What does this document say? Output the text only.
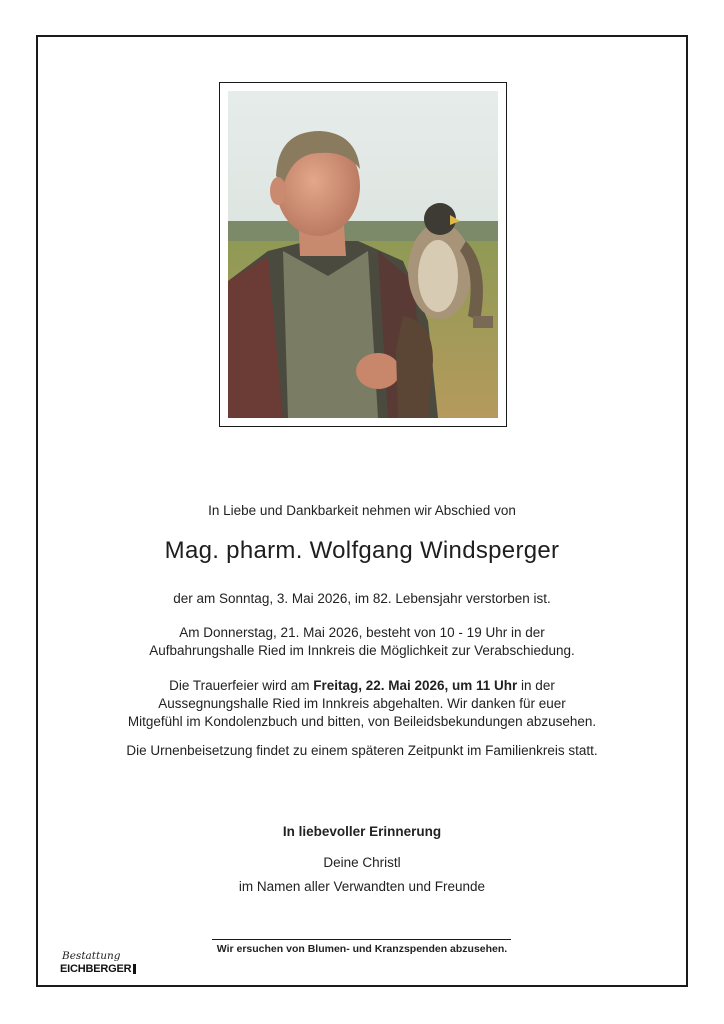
In Liebe und Dankbarkeit nehmen wir Abschied von
Mag. pharm. Wolfgang Windsperger
der am Sonntag, 3. Mai 2026, im 82. Lebensjahr verstorben ist.
Am Donnerstag, 21. Mai 2026, besteht von 10 - 19 Uhr in der
Aufbahrungshalle Ried im Innkreis die Möglichkeit zur Verabschiedung.
Die Trauerfeier wird am Freitag, 22. Mai 2026, um 11 Uhr in der
Aussegnungshalle Ried im Innkreis abgehalten. Wir danken für euer
Mitgefühl im Kondolenzbuch und bitten, von Beileidsbekundungen abzusehen.
Die Urnenbeisetzung findet zu einem späteren Zeitpunkt im Familienkreis statt.
In liebevoller Erinnerung
Deine Christl
im Namen aller Verwandten und Freunde
Wir ersuchen von Blumen- und Kranzspenden abzusehen.
Bestattung
EICHBERGER
